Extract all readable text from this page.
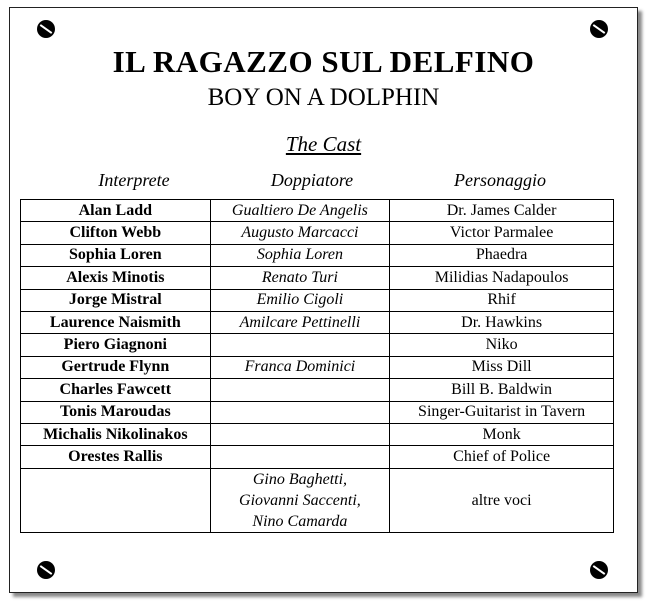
IL RAGAZZO SUL DELFINO
BOY ON A DOLPHIN
The Cast
Interprete	Doppiatore	Personaggio
Alan Ladd	Gualtiero De Angelis	Dr. James Calder
Clifton Webb	Augusto Marcacci	Victor Parmalee
Sophia Loren	Sophia Loren	Phaedra
Alexis Minotis	Renato Turi	Milidias Nadapoulos
Jorge Mistral	Emilio Cigoli	Rhif
Laurence Naismith	Amilcare Pettinelli	Dr. Hawkins
Piero Giagnoni		Niko
Gertrude Flynn	Franca Dominici	Miss Dill
Charles Fawcett		Bill B. Baldwin
Tonis Maroudas		Singer-Guitarist in Tavern
Michalis Nikolinakos		Monk
Orestes Rallis		Chief of Police

	Gino Baghetti,
Giovanni Saccenti,
Nino Camarda	altre voci
